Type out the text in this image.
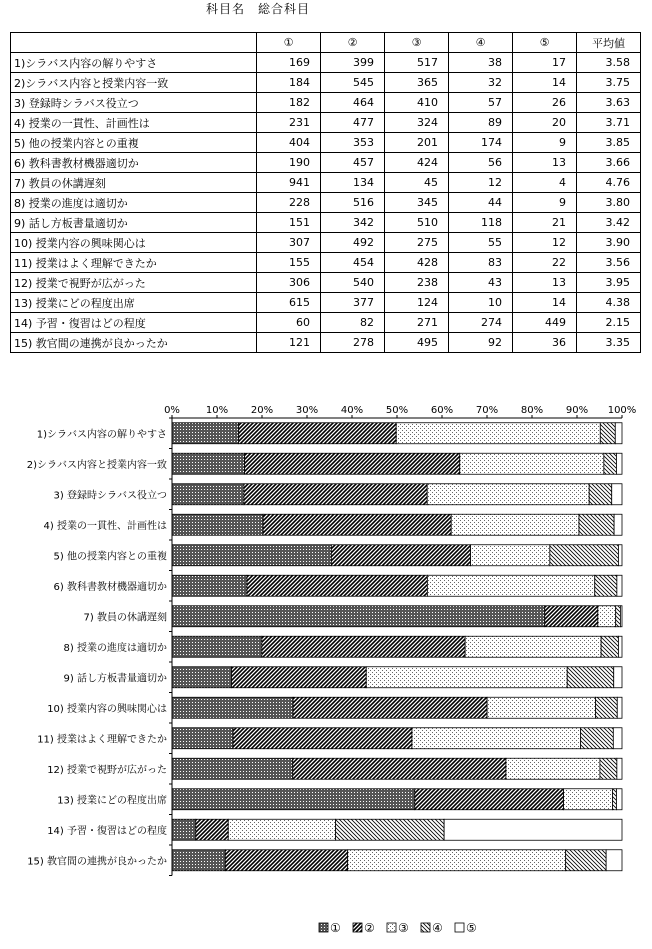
科目名　総合科目
	①	②	③	④	⑤	平均値
1)シラバス内容の解りやすさ	169	399	517	38	17	3.58
2)シラバス内容と授業内容一致	184	545	365	32	14	3.75
3) 登録時シラバス役立つ	182	464	410	57	26	3.63
4) 授業の一貫性、計画性は	231	477	324	89	20	3.71
5) 他の授業内容との重複	404	353	201	174	9	3.85
6) 教科書教材機器適切か	190	457	424	56	13	3.66
7) 教員の休講遅刻	941	134	45	12	4	4.76
8) 授業の進度は適切か	228	516	345	44	9	3.80
9) 話し方板書量適切か	151	342	510	118	21	3.42
10) 授業内容の興味関心は	307	492	275	55	12	3.90
11) 授業はよく理解できたか	155	454	428	83	22	3.56
12) 授業で視野が広がった	306	540	238	43	13	3.95
13) 授業にどの程度出席	615	377	124	10	14	4.38
14) 予習・復習はどの程度	60	82	271	274	449	2.15
15) 教官間の連携が良かったか	121	278	495	92	36	3.35
0%	10% 20% 30% 40% 50% 60% 70% 80% 90% 100%
1)シラバス内容の解りやすさ
2)シラバス内容と授業内容一致
3) 登録時シラバス役立つ
4) 授業の一貫性、計画性は
5) 他の授業内容との重複
6) 教科書教材機器適切か
7) 教員の休講遅刻
8) 授業の進度は適切か
9) 話し方板書量適切か
10) 授業内容の興味関心は
11) 授業はよく理解できたか
12) 授業で視野が広がった
13) 授業にどの程度出席
14) 予習・復習はどの程度
15) 教官間の連携が良かったか
① ② ③ ④ ⑤
